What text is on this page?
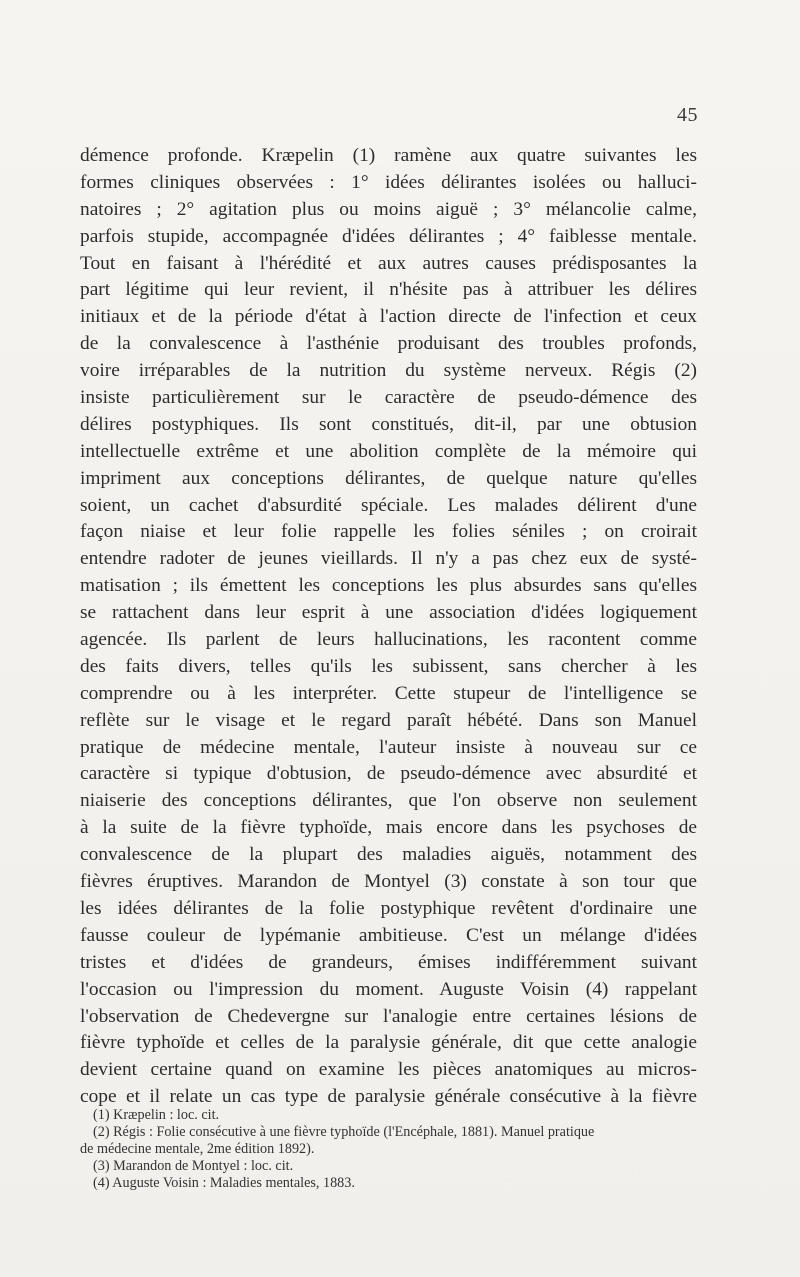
45
démence profonde. Kræpelin (1) ramène aux quatre suivantes les
formes cliniques observées : 1° idées délirantes isolées ou halluci-
natoires ; 2° agitation plus ou moins aiguë ; 3° mélancolie calme,
parfois stupide, accompagnée d'idées délirantes ; 4° faiblesse mentale.
Tout en faisant à l'hérédité et aux autres causes prédisposantes la
part légitime qui leur revient, il n'hésite pas à attribuer les délires
initiaux et de la période d'état à l'action directe de l'infection et ceux
de la convalescence à l'asthénie produisant des troubles profonds,
voire irréparables de la nutrition du système nerveux. Régis (2)
insiste particulièrement sur le caractère de pseudo-démence des
délires postyphiques. Ils sont constitués, dit-il, par une obtusion
intellectuelle extrême et une abolition complète de la mémoire qui
impriment aux conceptions délirantes, de quelque nature qu'elles
soient, un cachet d'absurdité spéciale. Les malades délirent d'une
façon niaise et leur folie rappelle les folies séniles ; on croirait
entendre radoter de jeunes vieillards. Il n'y a pas chez eux de systé-
matisation ; ils émettent les conceptions les plus absurdes sans qu'elles
se rattachent dans leur esprit à une association d'idées logiquement
agencée. Ils parlent de leurs hallucinations, les racontent comme
des faits divers, telles qu'ils les subissent, sans chercher à les
comprendre ou à les interpréter. Cette stupeur de l'intelligence se
reflète sur le visage et le regard paraît hébété. Dans son Manuel
pratique de médecine mentale, l'auteur insiste à nouveau sur ce
caractère si typique d'obtusion, de pseudo-démence avec absurdité et
niaiserie des conceptions délirantes, que l'on observe non seulement
à la suite de la fièvre typhoïde, mais encore dans les psychoses de
convalescence de la plupart des maladies aiguës, notamment des
fièvres éruptives. Marandon de Montyel (3) constate à son tour que
les idées délirantes de la folie postyphique revêtent d'ordinaire une
fausse couleur de lypémanie ambitieuse. C'est un mélange d'idées
tristes et d'idées de grandeurs, émises indifféremment suivant
l'occasion ou l'impression du moment. Auguste Voisin (4) rappelant
l'observation de Chedevergne sur l'analogie entre certaines lésions de
fièvre typhoïde et celles de la paralysie générale, dit que cette analogie
devient certaine quand on examine les pièces anatomiques au micros-
cope et il relate un cas type de paralysie générale consécutive à la fièvre
(1) Kræpelin : loc. cit.
(2) Régis : Folie consécutive à une fièvre typhoïde (l'Encéphale, 1881). Manuel pratique
de médecine mentale, 2me édition 1892).
(3) Marandon de Montyel : loc. cit.
(4) Auguste Voisin : Maladies mentales, 1883.
